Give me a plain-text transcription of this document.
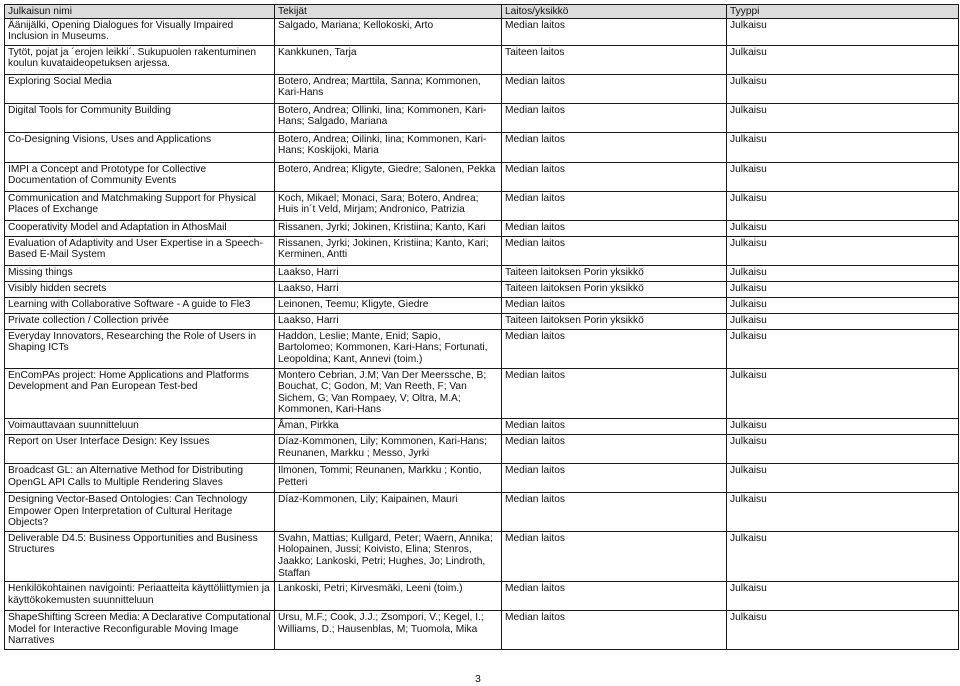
Julkaisun nimi	Tekijät	Laitos/yksikkö	Tyyppi
Äänijälki, Opening Dialogues for Visually Impaired Inclusion in Museums.	Salgado, Mariana; Kellokoski, Arto	Median laitos	Julkaisu
Tytöt, pojat ja ´erojen leikki´. Sukupuolen rakentuminen koulun kuvataideopetuksen arjessa.	Kankkunen, Tarja	Taiteen laitos	Julkaisu
Exploring Social Media	Botero, Andrea; Marttila, Sanna; Kommonen, Kari-Hans	Median laitos	Julkaisu
Digital Tools for Community Building	Botero, Andrea; Ollinki, Iina; Kommonen, Kari-Hans; Salgado, Mariana	Median laitos	Julkaisu
Co-Designing Visions, Uses and Applications	Botero, Andrea; Oilinki, Iina; Kommonen, Kari-Hans; Koskijoki, Maria	Median laitos	Julkaisu
IMPI a Concept and Prototype for Collective Documentation of Community Events	Botero, Andrea; Kligyte, Giedre; Salonen, Pekka	Median laitos	Julkaisu
Communication and Matchmaking Support for Physical Places of Exchange	Koch, Mikael; Monaci, Sara; Botero, Andrea; Huis in´t Veld, Mirjam; Andronico, Patrizia	Median laitos	Julkaisu
Cooperativity Model and Adaptation in AthosMail	Rissanen, Jyrki; Jokinen, Kristiina; Kanto, Kari	Median laitos	Julkaisu
Evaluation of Adaptivity and User Expertise in a Speech-Based E-Mail System	Rissanen, Jyrki; Jokinen, Kristiina; Kanto, Kari; Kerminen, Antti	Median laitos	Julkaisu
Missing things	Laakso, Harri	Taiteen laitoksen Porin yksikkö	Julkaisu
Visibly hidden secrets	Laakso, Harri	Taiteen laitoksen Porin yksikkö	Julkaisu
Learning with Collaborative Software - A guide to Fle3	Leinonen, Teemu; Kligyte, Giedre	Median laitos	Julkaisu
Private collection / Collection privée	Laakso, Harri	Taiteen laitoksen Porin yksikkö	Julkaisu
Everyday Innovators, Researching the Role of Users in Shaping ICTs	Haddon, Leslie; Mante, Enid; Sapio, Bartolomeo; Kommonen, Kari-Hans; Fortunati, Leopoldina; Kant, Annevi (toim.)	Median laitos	Julkaisu
EnComPAs project: Home Applications and Platforms Development and Pan European Test-bed	Montero Cebrian, J.M; Van Der Meerssche, B; Bouchat, C; Godon, M; Van Reeth, F; Van Sichem, G; Van Rompaey, V; Oltra, M.A; Kommonen, Kari-Hans	Median laitos	Julkaisu
Voimauttavaan suunnitteluun	Åman, Pirkka	Median laitos	Julkaisu
Report on User Interface Design: Key Issues	Díaz-Kommonen, Lily; Kommonen, Kari-Hans; Reunanen, Markku ; Messo, Jyrki	Median laitos	Julkaisu
Broadcast GL: an Alternative Method for Distributing OpenGL API Calls to Multiple Rendering Slaves	Ilmonen, Tommi; Reunanen, Markku ; Kontio, Petteri	Median laitos	Julkaisu
Designing Vector-Based Ontologies: Can Technology Empower Open Interpretation of Cultural Heritage Objects?	Díaz-Kommonen, Lily; Kaipainen, Mauri	Median laitos	Julkaisu
Deliverable D4.5: Business Opportunities and Business Structures	Svahn, Mattias; Kullgard, Peter; Waern, Annika; Holopainen, Jussi; Koivisto, Elina; Stenros, Jaakko; Lankoski, Petri; Hughes, Jo; Lindroth, Staffan	Median laitos	Julkaisu
Henkilökohtainen navigointi: Periaatteita käyttöliittymien ja käyttökokemusten suunnitteluun	Lankoski, Petri; Kirvesmäki, Leeni (toim.)	Median laitos	Julkaisu
ShapeShifting Screen Media: A Declarative Computational Model for Interactive Reconfigurable Moving Image Narratives	Ursu, M.F.; Cook, J.J.; Zsompori, V.; Kegel, I.; Williams, D.; Hausenblas, M; Tuomola, Mika	Median laitos	Julkaisu
3
